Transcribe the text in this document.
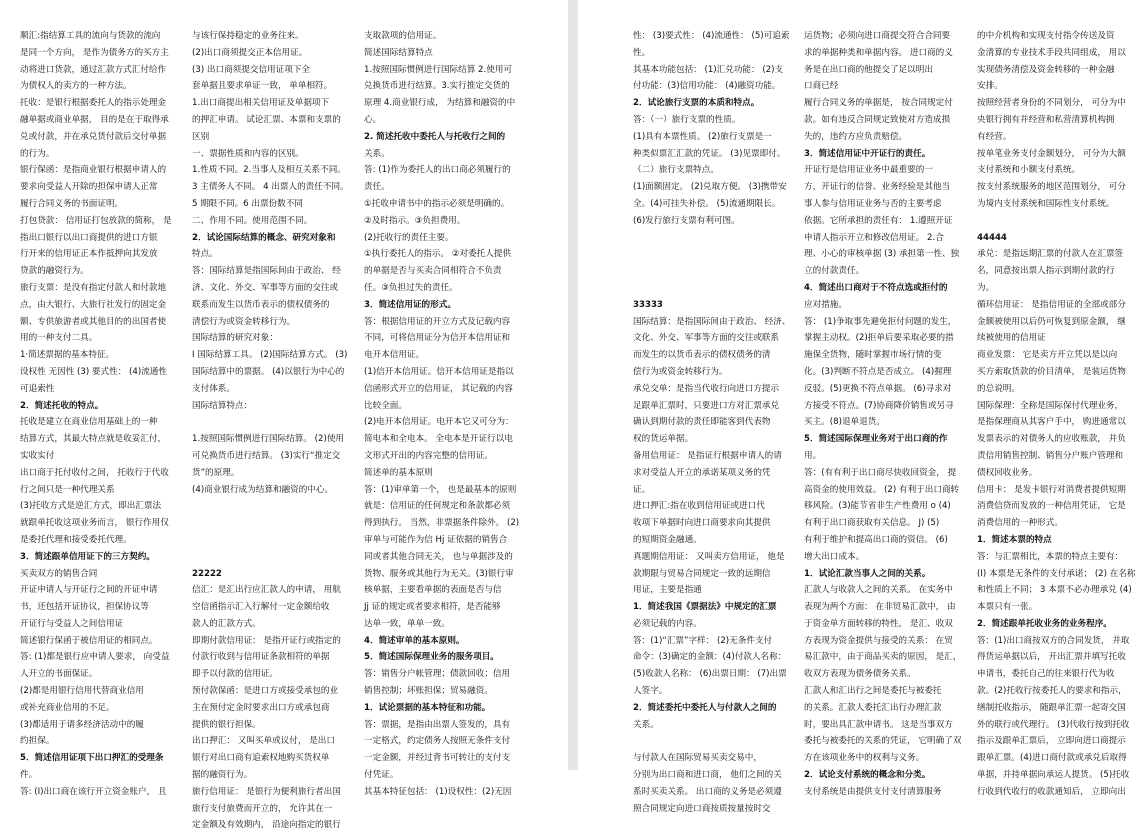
顺汇:指结算工具的流向与货款的流向
是同一个方向， 是作为债务方的买方主
动将进口货款，通过汇款方式汇付给作
为债权人的卖方的一种方法。
托收：是银行根据委托人的指示处理金
融单据或商业单据， 目的是在于取得承
兑或付款，并在承兑货付款后交付单据
的行为。
银行保函：是指商业银行根据申请人的
要求向受益人开除的担保申请人正常
履行合同义务的书面证明。
打包贷款： 信用证打包放款的简称， 是
指出口银行以出口商提供的进口方银
行开来的信用证正本作抵押向其发放
贷款的融资行为。
旅行支票：是没有指定付款人和付款地
点，由大银行、大旅行社发行的固定金
额、专供旅游者或其他目的的出国者使
用的一种支付二具。
1·简述票据的基本特征。
设权性 无因性 (3) 要式性： (4)流通性
可追索性
2．简述托收的特点。
托收是建立在商业信用基础上的一种
结算方式，其最大特点就是收妥汇付，
实收实付
出口商于托付收付之间， 托收行于代收
行之间只是一种代理关系
(3)托收方式是逆汇方式，即出汇票法
就跟单托收这项业务而言， 银行作用仅
是委托代理和接受委托代理。
3．简述跟单信用证下的三方契约。
买卖双方的销售合同
开证申请人与开证行之间的开证申请
书，还包括开证协议，担保协议等
开证行与受益人之间信用证
简述银行保函于被信用证的相同点。
答: (1)都是银行应申请人要求， 向受益
人开立的书面保证。
(2)都是用银行信用代替商业信用
或补充商业信用的不足。
(3)都适用于请多经济活动中的履
约担保。
5．简述信用证项下出口押汇的受理条
件。
答: (I)出口商在该行开立资金账户， 且
与该行保持稳定的业务往来。
(2)出口商须提交正本信用证。
(3) 出口商须提交信用证项下全
套单据且要求单证一致， 单单相符。
1.出口商提出相关信用证及单据项下
的押汇申请。 试论汇票、本票和支票的
区别
一、票据性质和内容的区别。
1.性质不同。2.当事人及相互关系不同。
3 主债务人不同。 4 出票人的责任不同。
5 期限不同。6 出票份数不同
二、作用不同。使用范围不同。
2．试论国际结算的概念、研究对象和
特点。
答：国际结算是指国际间由于政治、 经
济、文化、外交、军事等方面的交往或
联系而发生以货币表示的债权债务的
清偿行为或资金转移行为。
国际结算的研究对象：
I 国际结算工具。 (2)国际结算方式。 (3)
国际结算中的票据。 (4)以银行为中心的
支付体系。
国际结算特点：
1.按照国际惯例进行国际结算。 (2)使用
可兑换货币进行结算。 (3)实行“推定交
货”的原理。
(4)商业银行成为结算和融资的中心。
22222
信汇：是汇出行应汇款人的申请， 用航
空信函指示汇入行解付一定金额给收
款人的汇款方式。
即期付款信用证： 是指开证行或指定的
付款行收到与信用证条款相符的单据
即予以付款的信用证。
预付款保函：是进口方或接受承包的业
主在预付定金时要求出口方或承包商
提供的银行担保。
出口押汇： 又叫买单或议付， 是出口
银行对出口商有追索权地购买货权单
据的融资行为。
旅行信用证： 是银行为便利旅行者出国
旅行支付旅费而开立的， 允许其在一
定金额及有效期内， 沿途向指定的银行
支取款项的信用证。
简述国际结算特点
1.按照国际惯例进行国际结算 2.使用可
兑换货币进行结算。3.实行推定交货的
原理 4.商业银行成， 为结算和融资的中
心。
2. 简述托收中委托人与托收行之间的
关系。
答: (1)作为委托人的出口商必须履行的
责任。
①托收申请书中的指示必须是明确的。
②及时指示。③负担费用。
(2)托收行的责任主要。
①执行委托人的指示。 ②对委托人提供
的单据是否与买卖合同相符合不负责
任。③负担过失的责任。
3．简述信用证的形式。
答：根据信用证的开立方式及记载内容
不同，可将信用证分为信开本信用证和
电开本信用证。
(1)信开本信用证。信开本信用证是指以
信函形式开立的信用证， 其记载的内容
比较全面。
(2)电开本信用证。电开本它又可分为：
简电本和全电本。 全电本是开证行以电
文形式开出的内容完整的信用证。
简述单的基本原则
答：(1)审单第一个， 也是最基本的原则
就是：信用证的任何规定和条款都必须
得到执行。 当然，非票据条件除外。 (2)
审单与可能作为信 Hj 证依据的销售合
同或者其他合同无关， 也与单据涉及的
货物、服务或其他行为无关。(3)银行审
核单据，主要看单据的表面是否与信
Jj 证的规定或者要求相符，是否能够
达单一致，单单一致。
4．简述审单的基本原则。
5．简述国际保理业务的服务项目。
答：销售分户帐管理；债款回收；信用
销售控制；坏账担保；贸易融资。
1．试论票据的基本特征和功能。
答：票据，是指由出票人签发的，具有
一定格式，约定债务人按照无条件支付
一定金额，并经过背书可转让的支付支
付凭证。
其基本特征包括： (1)设权性：(2)无因
性： (3)要式性： (4)流通性： (5)可追索
性。
其基本功能包括： (1)汇兑功能： (2)支
付功能：(3)信用功能： (4)融资功能。
2．试论旅行支票的本质和特点。
答：（一）旅行支票的性质。
(1)具有本票性质。 (2)旅行支票是一
种类似票汇汇款的凭证。 (3)见票即付。
（二）旅行支票特点。
(1)面额固定。 (2)兑取方便。 (3)携带安
全。(4)可挂失补偿。 (5)流通期限长。
(6)发行旅行支票有利可图。
33333
国际结算：是指国际间由于政治、 经济、
文化、外交、军事等方面的交往或联系
而发生的以货币表示的债权债务的清
偿行为或资金转移行为。
承兑交单：是指当代收行向进口方提示
足跟单汇票时，只要进口方对汇票承兑
确认到期付款的责任即能客到代表物
权的货运单据。
备用信用证： 是指证行根据申请人的请
求对受益人开立的承诺某项义务的凭
证。
进口押汇:指在收到信用证或进口代
收项下单据时向进口商要求向其提供
的短期资金融通。
真题期信用证： 又叫卖方信用证， 他是
款期限与贸易合同规定一致的远期信
用证，主要是指通
1．简述我国《票据法》中规定的汇票
必须记载的内容。
答：(1)“汇票”字样： (2)无条件支付
命令：(3)确定的金额：(4)付款人名称：
(5)收款人名称： (6)出票日期： (7)出票
人签字。
2．简述委托中委托人与付款人之间的
关系。
与付款人在国际贸易买卖交易中，
分别为出口商和进口商， 他们之间的关
系时买卖关系。 出口商的义务是必须遵
照合同规定向进口商按质按量按时交
运货物；必须向进口商提交符合合同要
求的单据种类和单据内容。 进口商的义
务是在出口商的他提交了足以明出
口商已经
履行合同义务的单据是， 按合同规定付
款。如有违反合同规定致使对方造成损
失的，违约方应负责赔偿。
3．简述信用证中开证行的责任。
开证行是信用证业务中最重要的一
方，开证行的信誉、业务经验是其他当
事人参与信用证业务与否的主要考虑
依据。它所承担的责任有： 1.遵照开证
申请人指示开立和修改信用证。 2.合
理、小心的审核单据 (3) 承担第一性、独
立的付款责任。
4．简述出口商对于不符点选或拒付的
应对措施。
答： (1)争取事先避免拒付问题的发生，
掌握主动权。(2)拒单后要采取必要的措
施保全货物，随时掌握市场行情的变
化。(3)判断不符点是否成立。 (4)握理
反驳。(5)更换不符点单据。 (6)寻求对
方接受不符点。(7)协商降价销售或另寻
买主。(8)退单退货。
5．简述国际保理业务对于出口商的作
用。
答：(有有利于出口商尽快收回资金， 提
高资金的使用效益。 (2) 有利于出口商转
移风险。(3)能节省非生产性费用 o (4)
有利于出口商获取有关信息。 J) (5)
有利于维护和提高出口商的资信。 (6)
增大出口成本。
1．试论汇款当事人之间的关系。
汇款人与收款人之间的关系。 在实务中
表现为两个方面： 在非贸易汇款中， 由
于资金单方面转移的特性， 是汇、收双
方表现为资金提供与接受的关系： 在贸
易汇款中，由于商品买卖的原因， 是汇，
收双方表现为债务债务关系。
汇款人和汇出行之间是委托与被委托
的关系。汇款人委托汇出行办理汇款
时，要出具汇款申请书。 这是当事双方
委托与被委托的关系的凭证， 它明确了双
方在该项业务中的权利与义务。
2．试论支付系统的概念和分类。
支付系统是由提供支付支付清算服务
的中介机构和实现支付指令传送及资
金清算的专业技术手段共同组成， 用以
实现债务清偿及资金转移的一种金融
安排。
按照经营者身份的不同划分， 可分为中
央银行拥有并经营和私营清算机构拥
有经营。
按单笔业务支付金额划分， 可分为大额
支付系统和小额支付系统。
按支付系统服务的地区范围划分， 可分
为境内支付系统和国际性支付系统。
44444
承兑：是指远期汇票的付款人在汇票签
名，同意按出票人指示到期付款的行
为。
循环信用证： 是指信用证的全部或部分
金额被使用以后仍可恢复到原金额， 继
续被使用的信用证
商业发票： 它是卖方开立凭以是以向
买方索取货款的价目清单， 是装运货物
的总说明。
国际保理：全称是国际保付代理业务，
是指保理商从其客户手中， 购进通常以
发票表示的对债务人的应收账款， 并负
责信用销售控制、销售分户账户管理和
债权回收业务。
信用卡： 是发卡银行对消费者提供短期
消费信贷而发放的一种信用凭证， 它是
消费信用的一种形式。
1．简述本票的特点
答：与汇票相比，本票的特点主要有：
(I) 本票是无条件的支付承诺； (2) 在名称
和性质上不同； 3 本票不必办理承兑 (4)
本票只有一张。
2．简述跟单托收业务的业务程序。
答：(1)出口商按双方的合同发货， 并取
得货运单据以后， 开出汇票并填写托收
申请书，委托自己的往来银行代为收
款。(2)托收行按委托人的要求和指示，
缮制托收指示， 随跟单汇票一起寄交国
外的联行或代理行。 (3)代收行按到托收
指示及跟单汇票后， 立即向进口商提示
跟单汇票。(4)进口商付款或承兑后取得
单据，并持单据向承运人提货。 (5)托收
行收到代收行的收款通知后， 立即向出
